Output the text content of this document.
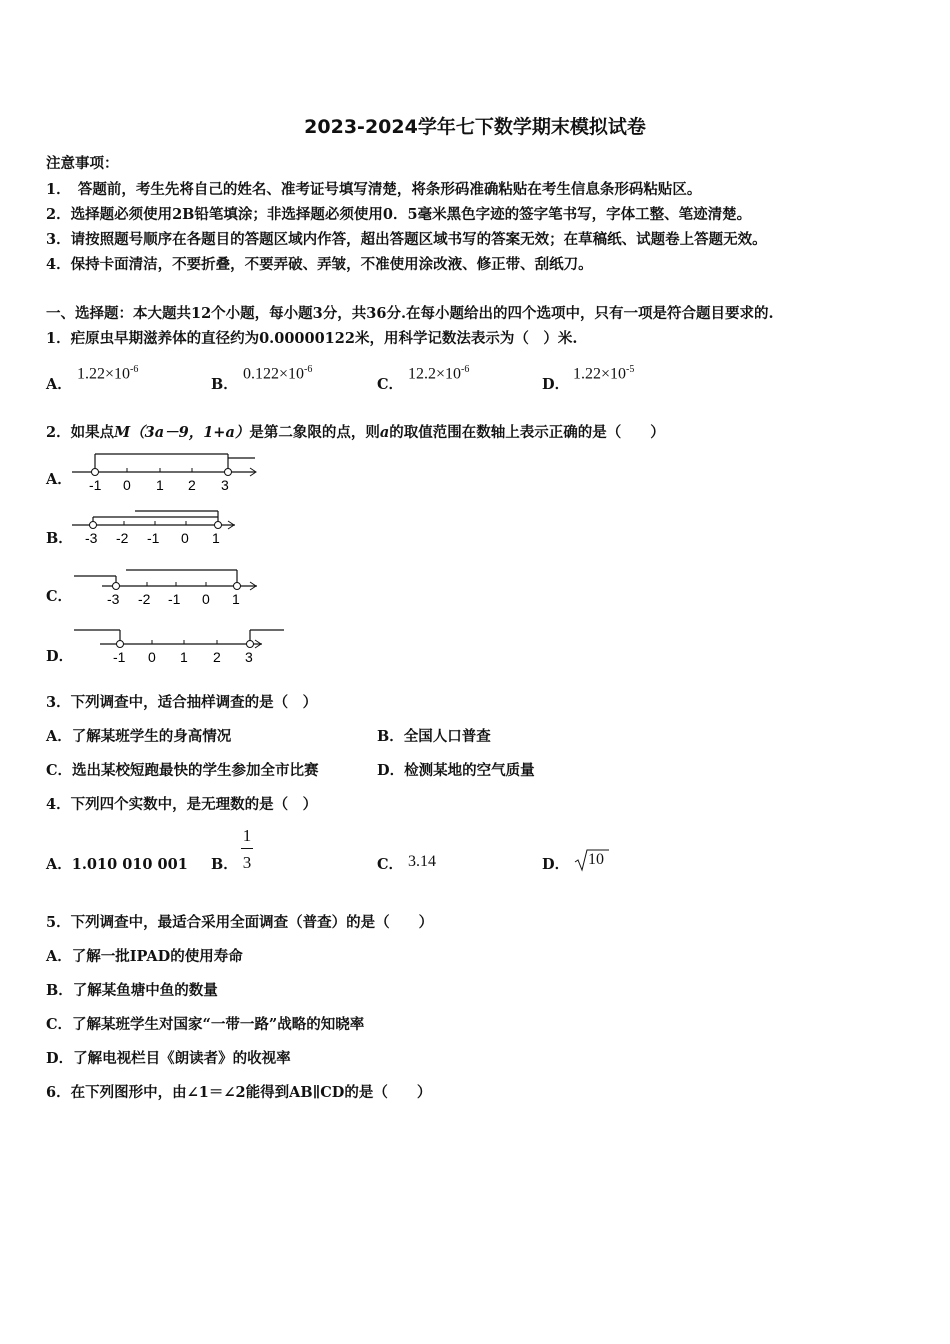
2023-2024学年七下数学期末模拟试卷
注意事项：
1．　答题前，考生先将自己的姓名、准考证号填写清楚，将条形码准确粘贴在考生信息条形码粘贴区。
2．选择题必须使用2B铅笔填涂；非选择题必须使用0．5毫米黑色字迹的签字笔书写，字体工整、笔迹清楚。
3．请按照题号顺序在各题目的答题区域内作答，超出答题区域书写的答案无效；在草稿纸、试题卷上答题无效。
4．保持卡面清洁，不要折叠，不要弄破、弄皱，不准使用涂改液、修正带、刮纸刀。
一、选择题：本大题共12个小题，每小题3分，共36分.在每小题给出的四个选项中，只有一项是符合题目要求的.
1．疟原虫早期滋养体的直径约为0.00000122米，用科学记数法表示为（　）米.
A．
$1.22\times 10^{-6}$
B．
$0.122\times 10^{-6}$
C．
$12.2\times 10^{-6}$
D．
$1.22\times 10^{-5}$
2．如果点M（3a－9，1+a）是第二象限的点，则a的取值范围在数轴上表示正确的是（　　）
A． -1 0 1 2 3
B． -3 -2 -1 0 1
C． -3 -2 -1 0 1
D．	-1 0 1 2 3
3．下列调查中，适合抽样调查的是（　）
A．了解某班学生的身高情况	B．全国人口普查
C．选出某校短跑最快的学生参加全市比赛	D．检测某地的空气质量
4．下列四个实数中，是无理数的是（　）
A．1.010 010 001 B．
1
3	C． 3.14	D． 10
5．下列调查中，最适合采用全面调查（普查）的是（　　）
A．了解一批IPAD的使用寿命
B．了解某鱼塘中鱼的数量
C．了解某班学生对国家“一带一路”战略的知晓率
D．了解电视栏目《朗读者》的收视率
6．在下列图形中，由∠1＝∠2能得到AB∥CD的是（　　）
